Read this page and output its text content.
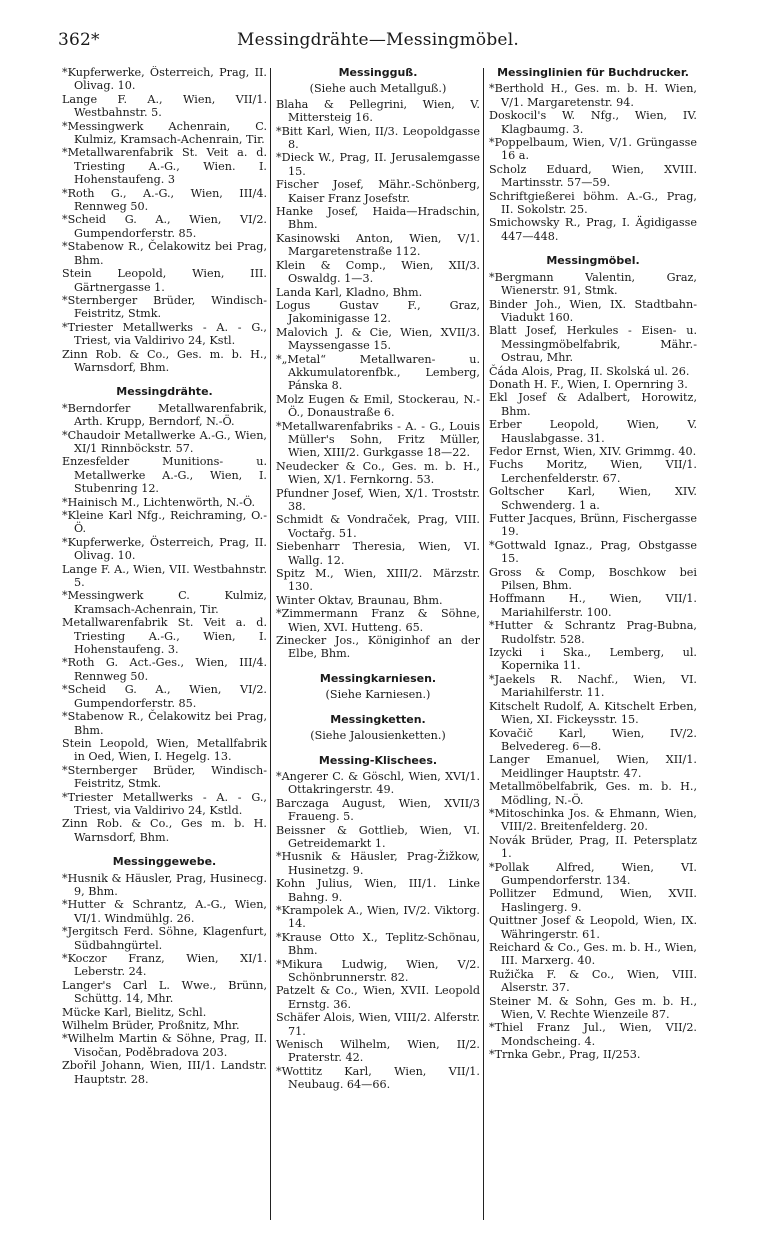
362*	Messingdrähte—Messingmöbel.

*Kupferwerke, Österreich, Prag, II. Olivag. 10.

Lange F. A., Wien, VII/1. Westbahnstr. 5.

*Messingwerk Achenrain, C. Kulmiz, Kramsach-Achenrain, Tir.

*Metallwarenfabrik St. Veit a. d. Triesting A.-G., Wien. I. Hohenstaufeng. 3

*Roth G., A.-G., Wien, III/4. Rennweg 50.

*Scheid G. A., Wien, VI/2. Gumpendorferstr. 85.

*Stabenow R., Čelakowitz bei Prag, Bhm.

Stein Leopold, Wien, III. Gärtnergasse 1.

*Sternberger Brüder, Windisch-Feistritz, Stmk.

*Triester Metallwerks - A. - G., Triest, via Valdirivo 24, Kstl.

Zinn Rob. & Co., Ges. m. b. H., Warnsdorf, Bhm.

Messingdrähte.

*Berndorfer Metallwarenfabrik, Arth. Krupp, Berndorf, N.-Ö.

*Chaudoir Metallwerke A.-G., Wien, XI/1 Rinnböckstr. 57.

Enzesfelder Munitions- u. Metallwerke A.-G., Wien, I. Stubenring 12.

*Hainisch M., Lichtenwörth, N.-Ö.

*Kleine Karl Nfg., Reichraming, O.-Ö.

*Kupferwerke, Österreich, Prag, II. Olivag. 10.

Lange F. A., Wien, VII. Westbahnstr. 5.

*Messingwerk C. Kulmiz, Kramsach-Achenrain, Tir.

Metallwarenfabrik St. Veit a. d. Triesting A.-G., Wien, I. Hohenstaufeng. 3.

*Roth G. Act.-Ges., Wien, III/4. Rennweg 50.

*Scheid G. A., Wien, VI/2. Gumpendorferstr. 85.

*Stabenow R., Čelakowitz bei Prag, Bhm.

Stein Leopold, Wien, Metallfabrik in Oed, Wien, I. Hegelg. 13.

*Sternberger Brüder, Windisch-Feistritz, Stmk.

*Triester Metallwerks - A. - G., Triest, via Valdirivo 24, Kstld.

Zinn Rob. & Co., Ges m. b. H. Warnsdorf, Bhm.

Messinggewebe.

*Husnik & Häusler, Prag, Husinecg. 9, Bhm.

*Hutter & Schrantz, A.-G., Wien, VI/1. Windmühlg. 26.

*Jergitsch Ferd. Söhne, Klagenfurt, Südbahngürtel.

*Koczor Franz, Wien, XI/1. Leberstr. 24.

Langer's Carl L. Wwe., Brünn, Schüttg. 14, Mhr.

Mücke Karl, Bielitz, Schl.

Wilhelm Brüder, Proßnitz, Mhr.

*Wilhelm Martin & Söhne, Prag, II. Visočan, Poděbradova 203.

Zbořil Johann, Wien, III/1. Landstr. Hauptstr. 28.

Messingguß.
(Siehe auch Metallguß.)

Blaha & Pellegrini, Wien, V. Mittersteig 16.

*Bitt Karl, Wien, II/3. Leopoldgasse 8.

*Dieck W., Prag, II. Jerusalemgasse 15.

Fischer Josef, Mähr.-Schönberg, Kaiser Franz Josefstr.

Hanke Josef, Haida—Hradschin, Bhm.

Kasinowski Anton, Wien, V/1. Margaretenstraße 112.

Klein & Comp., Wien, XII/3. Oswaldg. 1—3.

Landa Karl, Kladno, Bhm.

Logus Gustav F., Graz, Jakominigasse 12.

Malovich J. & Cie, Wien, XVII/3. Mayssengasse 15.

*„Metal“ Metallwaren- u. Akkumulatorenfbk., Lemberg, Pánska 8.

Molz Eugen & Emil, Stockerau, N.-Ö., Donaustraße 6.

*Metallwarenfabriks - A. - G., Louis Müller's Sohn, Fritz Müller, Wien, XIII/2. Gurkgasse 18—22.

Neudecker & Co., Ges. m. b. H., Wien, X/1. Fernkorng. 53.

Pfundner Josef, Wien, X/1. Troststr. 38.

Schmidt & Vondraček, Prag, VIII. Voctařg. 51.

Siebenharr Theresia, Wien, VI. Wallg. 12.

Spitz M., Wien, XIII/2. Märzstr. 130.

Winter Oktav, Braunau, Bhm.

*Zimmermann Franz & Söhne, Wien, XVI. Hutteng. 65.

Zinecker Jos., Königinhof an der Elbe, Bhm.

Messingkarniesen.
(Siehe Karniesen.)
Messingketten.
(Siehe Jalousienketten.)
Messing-Klischees.

*Angerer C. & Göschl, Wien, XVI/1. Ottakringerstr. 49.

Barczaga August, Wien, XVII/3 Fraueng. 5.

Beissner & Gottlieb, Wien, VI. Getreidemarkt 1.

*Husnik & Häusler, Prag-Žižkow, Husinetzg. 9.

Kohn Julius, Wien, III/1. Linke Bahng. 9.

*Krampolek A., Wien, IV/2. Viktorg. 14.

*Krause Otto X., Teplitz-Schönau, Bhm.

*Mikura Ludwig, Wien, V/2. Schönbrunnerstr. 82.

Patzelt & Co., Wien, XVII. Leopold Ernstg. 36.

Schäfer Alois, Wien, VIII/2. Alferstr. 71.

Wenisch Wilhelm, Wien, II/2. Praterstr. 42.

*Wottitz Karl, Wien, VII/1. Neubaug. 64—66.

Messinglinien für Buchdrucker.

*Berthold H., Ges. m. b. H. Wien, V/1. Margaretenstr. 94.

Doskocil's W. Nfg., Wien, IV. Klagbaumg. 3.

*Poppelbaum, Wien, V/1. Grüngasse 16 a.

Scholz Eduard, Wien, XVIII. Martinsstr. 57—59.

Schriftgießerei böhm. A.-G., Prag, II. Sokolstr. 25.

Smichowsky R., Prag, I. Ägidigasse 447—448.

Messingmöbel.

*Bergmann Valentin, Graz, Wienerstr. 91, Stmk.

Binder Joh., Wien, IX. Stadtbahn-Viadukt 160.

Blatt Josef, Herkules - Eisen- u. Messingmöbelfabrik, Mähr.-Ostrau, Mhr.

Čáda Alois, Prag, II. Skolská ul. 26.

Donath H. F., Wien, I. Opernring 3.

Ekl Josef & Adalbert, Horowitz, Bhm.

Erber Leopold, Wien, V. Hauslabgasse. 31.

Fedor Ernst, Wien, XIV. Grimmg. 40.

Fuchs Moritz, Wien, VII/1. Lerchenfelderstr. 67.

Goltscher Karl, Wien, XIV. Schwenderg. 1 a.

Futter Jacques, Brünn, Fischergasse 19.

*Gottwald Ignaz., Prag, Obstgasse 15.

Gross & Comp, Boschkow bei Pilsen, Bhm.

Hoffmann H., Wien, VII/1. Mariahilferstr. 100.

*Hutter & Schrantz Prag-Bubna, Rudolfstr. 528.

Izycki i Ska., Lemberg, ul. Kopernika 11.

*Jaekels R. Nachf., Wien, VI. Mariahilferstr. 11.

Kitschelt Rudolf, A. Kitschelt Erben, Wien, XI. Fickeysstr. 15.

Kovačič Karl, Wien, IV/2. Belvedereg. 6—8.

Langer Emanuel, Wien, XII/1. Meidlinger Hauptstr. 47.

Metallmöbelfabrik, Ges. m. b. H., Mödling, N.-Ö.

*Mitoschinka Jos. & Ehmann, Wien, VIII/2. Breitenfelderg. 20.

Novák Brüder, Prag, II. Petersplatz 1.

*Pollak Alfred, Wien, VI. Gumpendorferstr. 134.

Pollitzer Edmund, Wien, XVII. Haslingerg. 9.

Quittner Josef & Leopold, Wien, IX. Währingerstr. 61.

Reichard & Co., Ges. m. b. H., Wien, III. Marxerg. 40.

Ružička F. & Co., Wien, VIII. Alserstr. 37.

Steiner M. & Sohn, Ges m. b. H., Wien, V. Rechte Wienzeile 87.

*Thiel Franz Jul., Wien, VII/2. Mondscheing. 4.

*Trnka Gebr., Prag, II/253.
